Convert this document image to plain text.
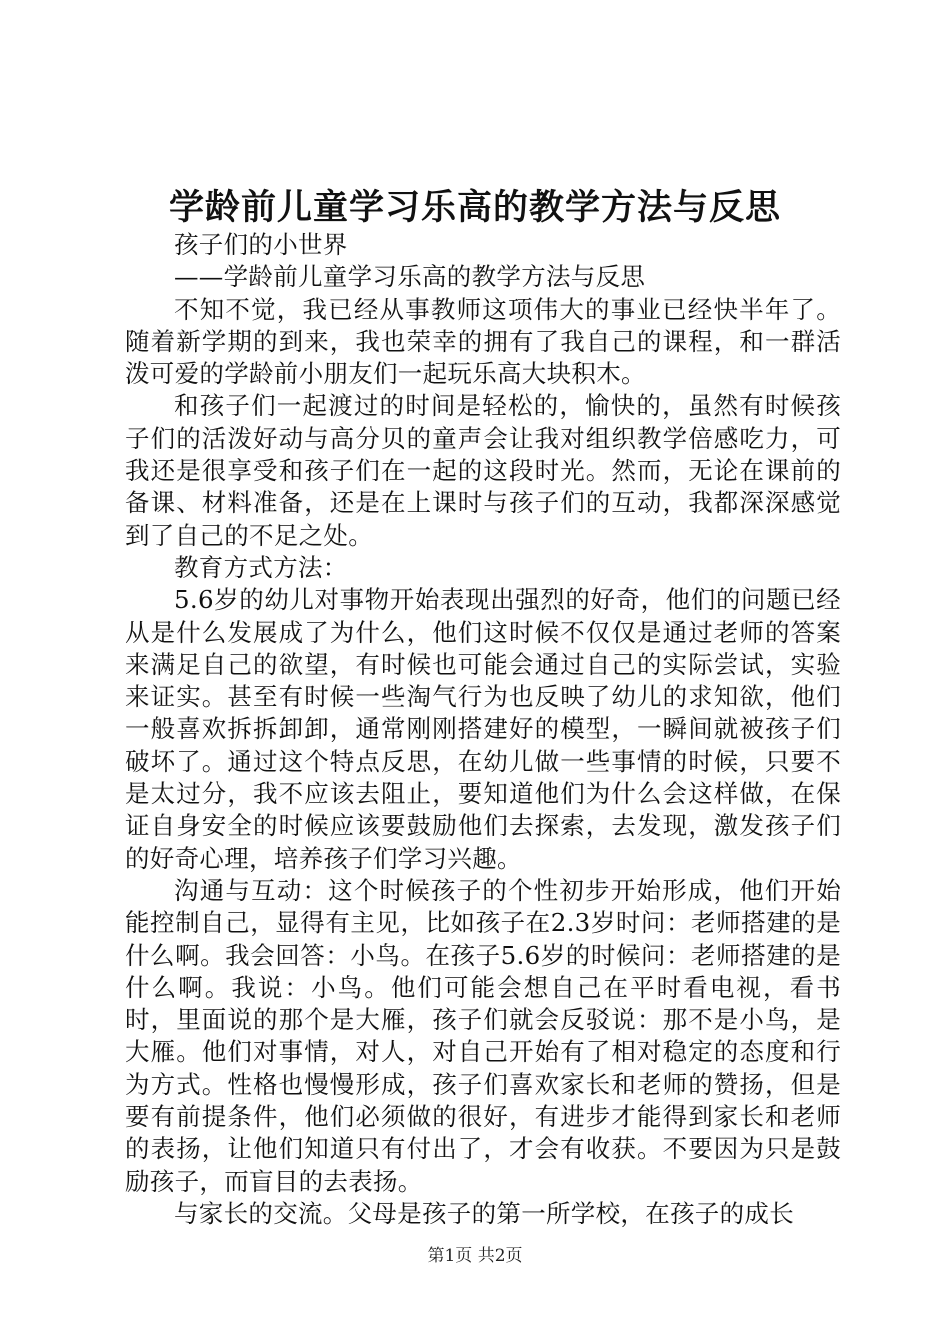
学龄前儿童学习乐高的教学方法与反思

孩子们的小世界

——学龄前儿童学习乐高的教学方法与反思

不知不觉，我已经从事教师这项伟大的事业已经快半年了。随着新学期的到来，我也荣幸的拥有了我自己的课程，和一群活泼可爱的学龄前小朋友们一起玩乐高大块积木。

和孩子们一起渡过的时间是轻松的，愉快的，虽然有时候孩子们的活泼好动与高分贝的童声会让我对组织教学倍感吃力，可我还是很享受和孩子们在一起的这段时光。然而，无论在课前的备课、材料准备，还是在上课时与孩子们的互动，我都深深感觉到了自己的不足之处。

教育方式方法：

5.6岁的幼儿对事物开始表现出强烈的好奇，他们的问题已经从是什么发展成了为什么，他们这时候不仅仅是通过老师的答案来满足自己的欲望，有时候也可能会通过自己的实际尝试，实验来证实。甚至有时候一些淘气行为也反映了幼儿的求知欲，他们一般喜欢拆拆卸卸，通常刚刚搭建好的模型，一瞬间就被孩子们破坏了。通过这个特点反思，在幼儿做一些事情的时候，只要不是太过分，我不应该去阻止，要知道他们为什么会这样做，在保证自身安全的时候应该要鼓励他们去探索，去发现，激发孩子们的好奇心理，培养孩子们学习兴趣。

沟通与互动：这个时候孩子的个性初步开始形成，他们开始能控制自己，显得有主见，比如孩子在2.3岁时问：老师搭建的是什么啊。我会回答：小鸟。在孩子5.6岁的时候问：老师搭建的是什么啊。我说：小鸟。他们可能会想自己在平时看电视，看书时，里面说的那个是大雁，孩子们就会反驳说：那不是小鸟，是大雁。他们对事情，对人，对自己开始有了相对稳定的态度和行为方式。性格也慢慢形成，孩子们喜欢家长和老师的赞扬，但是要有前提条件，他们必须做的很好，有进步才能得到家长和老师的表扬，让他们知道只有付出了，才会有收获。不要因为只是鼓励孩子，而盲目的去表扬。

与家长的交流。父母是孩子的第一所学校，在孩子的成长

第1页 共2页
